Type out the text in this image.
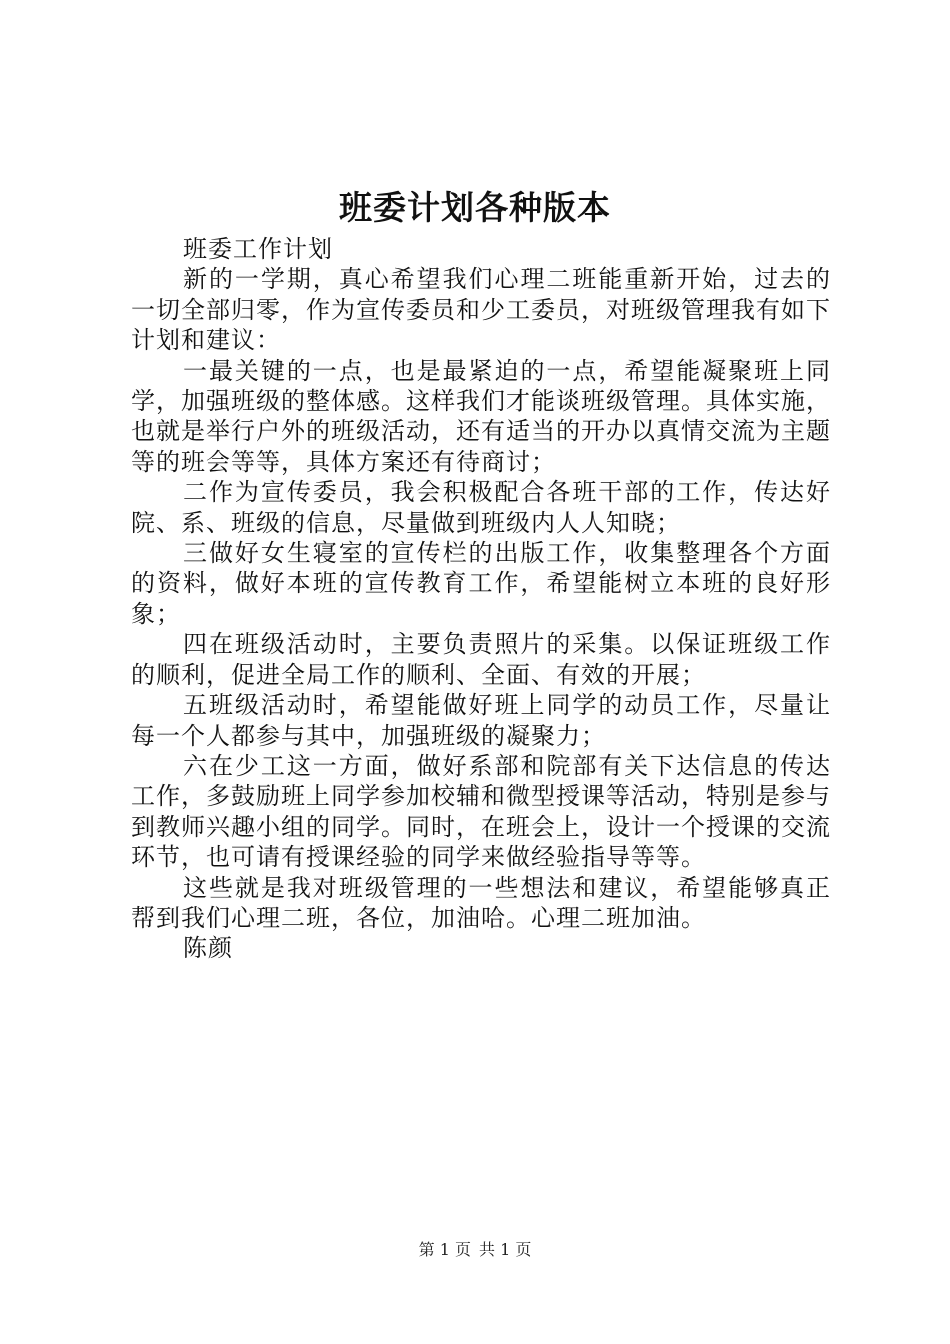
班委计划各种版本

班委工作计划

新的一学期，真心希望我们心理二班能重新开始，过去的一切全部归零，作为宣传委员和少工委员，对班级管理我有如下计划和建议：

一最关键的一点，也是最紧迫的一点，希望能凝聚班上同学，加强班级的整体感。这样我们才能谈班级管理。具体实施，也就是举行户外的班级活动，还有适当的开办以真情交流为主题等的班会等等，具体方案还有待商讨；

二作为宣传委员，我会积极配合各班干部的工作，传达好院、系、班级的信息，尽量做到班级内人人知晓；

三做好女生寝室的宣传栏的出版工作，收集整理各个方面的资料，做好本班的宣传教育工作，希望能树立本班的良好形象；

四在班级活动时，主要负责照片的采集。以保证班级工作的顺利，促进全局工作的顺利、全面、有效的开展；

五班级活动时，希望能做好班上同学的动员工作，尽量让每一个人都参与其中，加强班级的凝聚力；

六在少工这一方面，做好系部和院部有关下达信息的传达工作，多鼓励班上同学参加校辅和微型授课等活动，特别是参与到教师兴趣小组的同学。同时，在班会上，设计一个授课的交流环节，也可请有授课经验的同学来做经验指导等等。

这些就是我对班级管理的一些想法和建议，希望能够真正帮到我们心理二班，各位，加油哈。心理二班加油。

陈颜

第 1 页 共 1 页
